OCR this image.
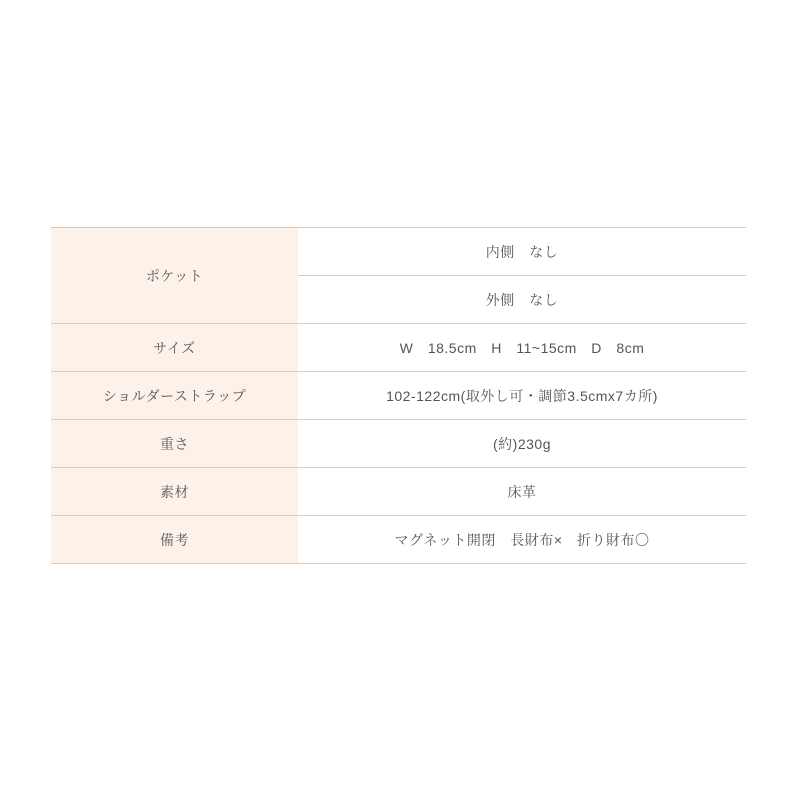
ポケット	内側　なし
	外側　なし
サイズ	W　18.5cm　H　11~15cm　D　8cm
ショルダーストラップ	102-122cm(取外し可・調節3.5cmx7カ所)
重さ	(約)230g
素材	床革
備考	マグネット開閉　長財布×　折り財布〇
